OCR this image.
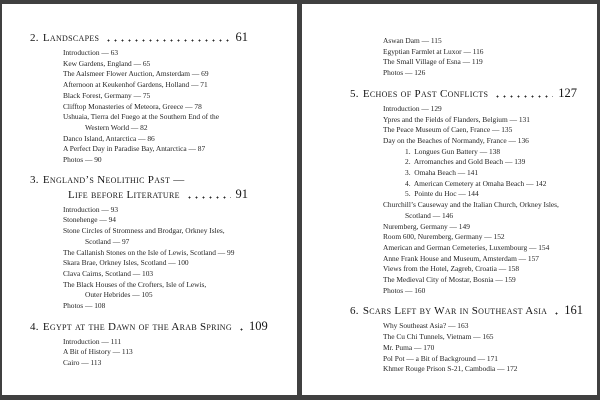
2. Landscapes	61
Introduction — 63
Kew Gardens, England — 65
The Aalsmeer Flower Auction, Amsterdam — 69
Afternoon at Keukenhof Gardens, Holland — 71
Black Forest, Germany — 75
Clifftop Monasteries of Meteora, Greece — 78
Ushuaia, Tierra del Fuego at the Southern End of the
Western World — 82
Danco Island, Antarctica — 86
A Perfect Day in Paradise Bay, Antarctica — 87
Photos — 90
3. England’s Neolithic Past —
Life before Literature	91
Introduction — 93
Stonehenge — 94
Stone Circles of Stromness and Brodgar, Orkney Isles,
Scotland — 97
The Callanish Stones on the Isle of Lewis, Scotland — 99
Skara Brae, Orkney Isles, Scotland — 100
Clava Cairns, Scotland — 103
The Black Houses of the Crofters, Isle of Lewis,
Outer Hebrides — 105
Photos — 108
4. Egypt at the Dawn of the Arab Spring 109
Introduction — 111
A Bit of History — 113
Cairo — 113
Aswan Dam — 115
Egyptian Farmlet at Luxor — 116
The Small Village of Esna — 119
Photos — 126
5. Echoes of Past Conflicts	127
Introduction — 129
Ypres and the Fields of Flanders, Belgium — 131
The Peace Museum of Caen, France — 135
Day on the Beaches of Normandy, France — 136
1.  Longues Gun Battery — 138
2.  Arromanches and Gold Beach — 139
3.  Omaha Beach — 141
4.  American Cemetery at Omaha Beach — 142
5.  Pointe du Hoc — 144
Churchill’s Causeway and the Italian Church, Orkney Isles,
Scotland — 146
Nuremberg, Germany — 149
Room 600, Nuremberg, Germany — 152
American and German Cemeteries, Luxembourg — 154
Anne Frank House and Museum, Amsterdam — 157
Views from the Hotel, Zagreb, Croatia — 158
The Medieval City of Mostar, Bosnia — 159
Photos — 160
6. Scars Left by War in Southeast Asia 161
Why Southeast Asia? — 163
The Cu Chi Tunnels, Vietnam — 165
Mr. Puma — 170
Pol Pot — a Bit of Background — 171
Khmer Rouge Prison S-21, Cambodia — 172
